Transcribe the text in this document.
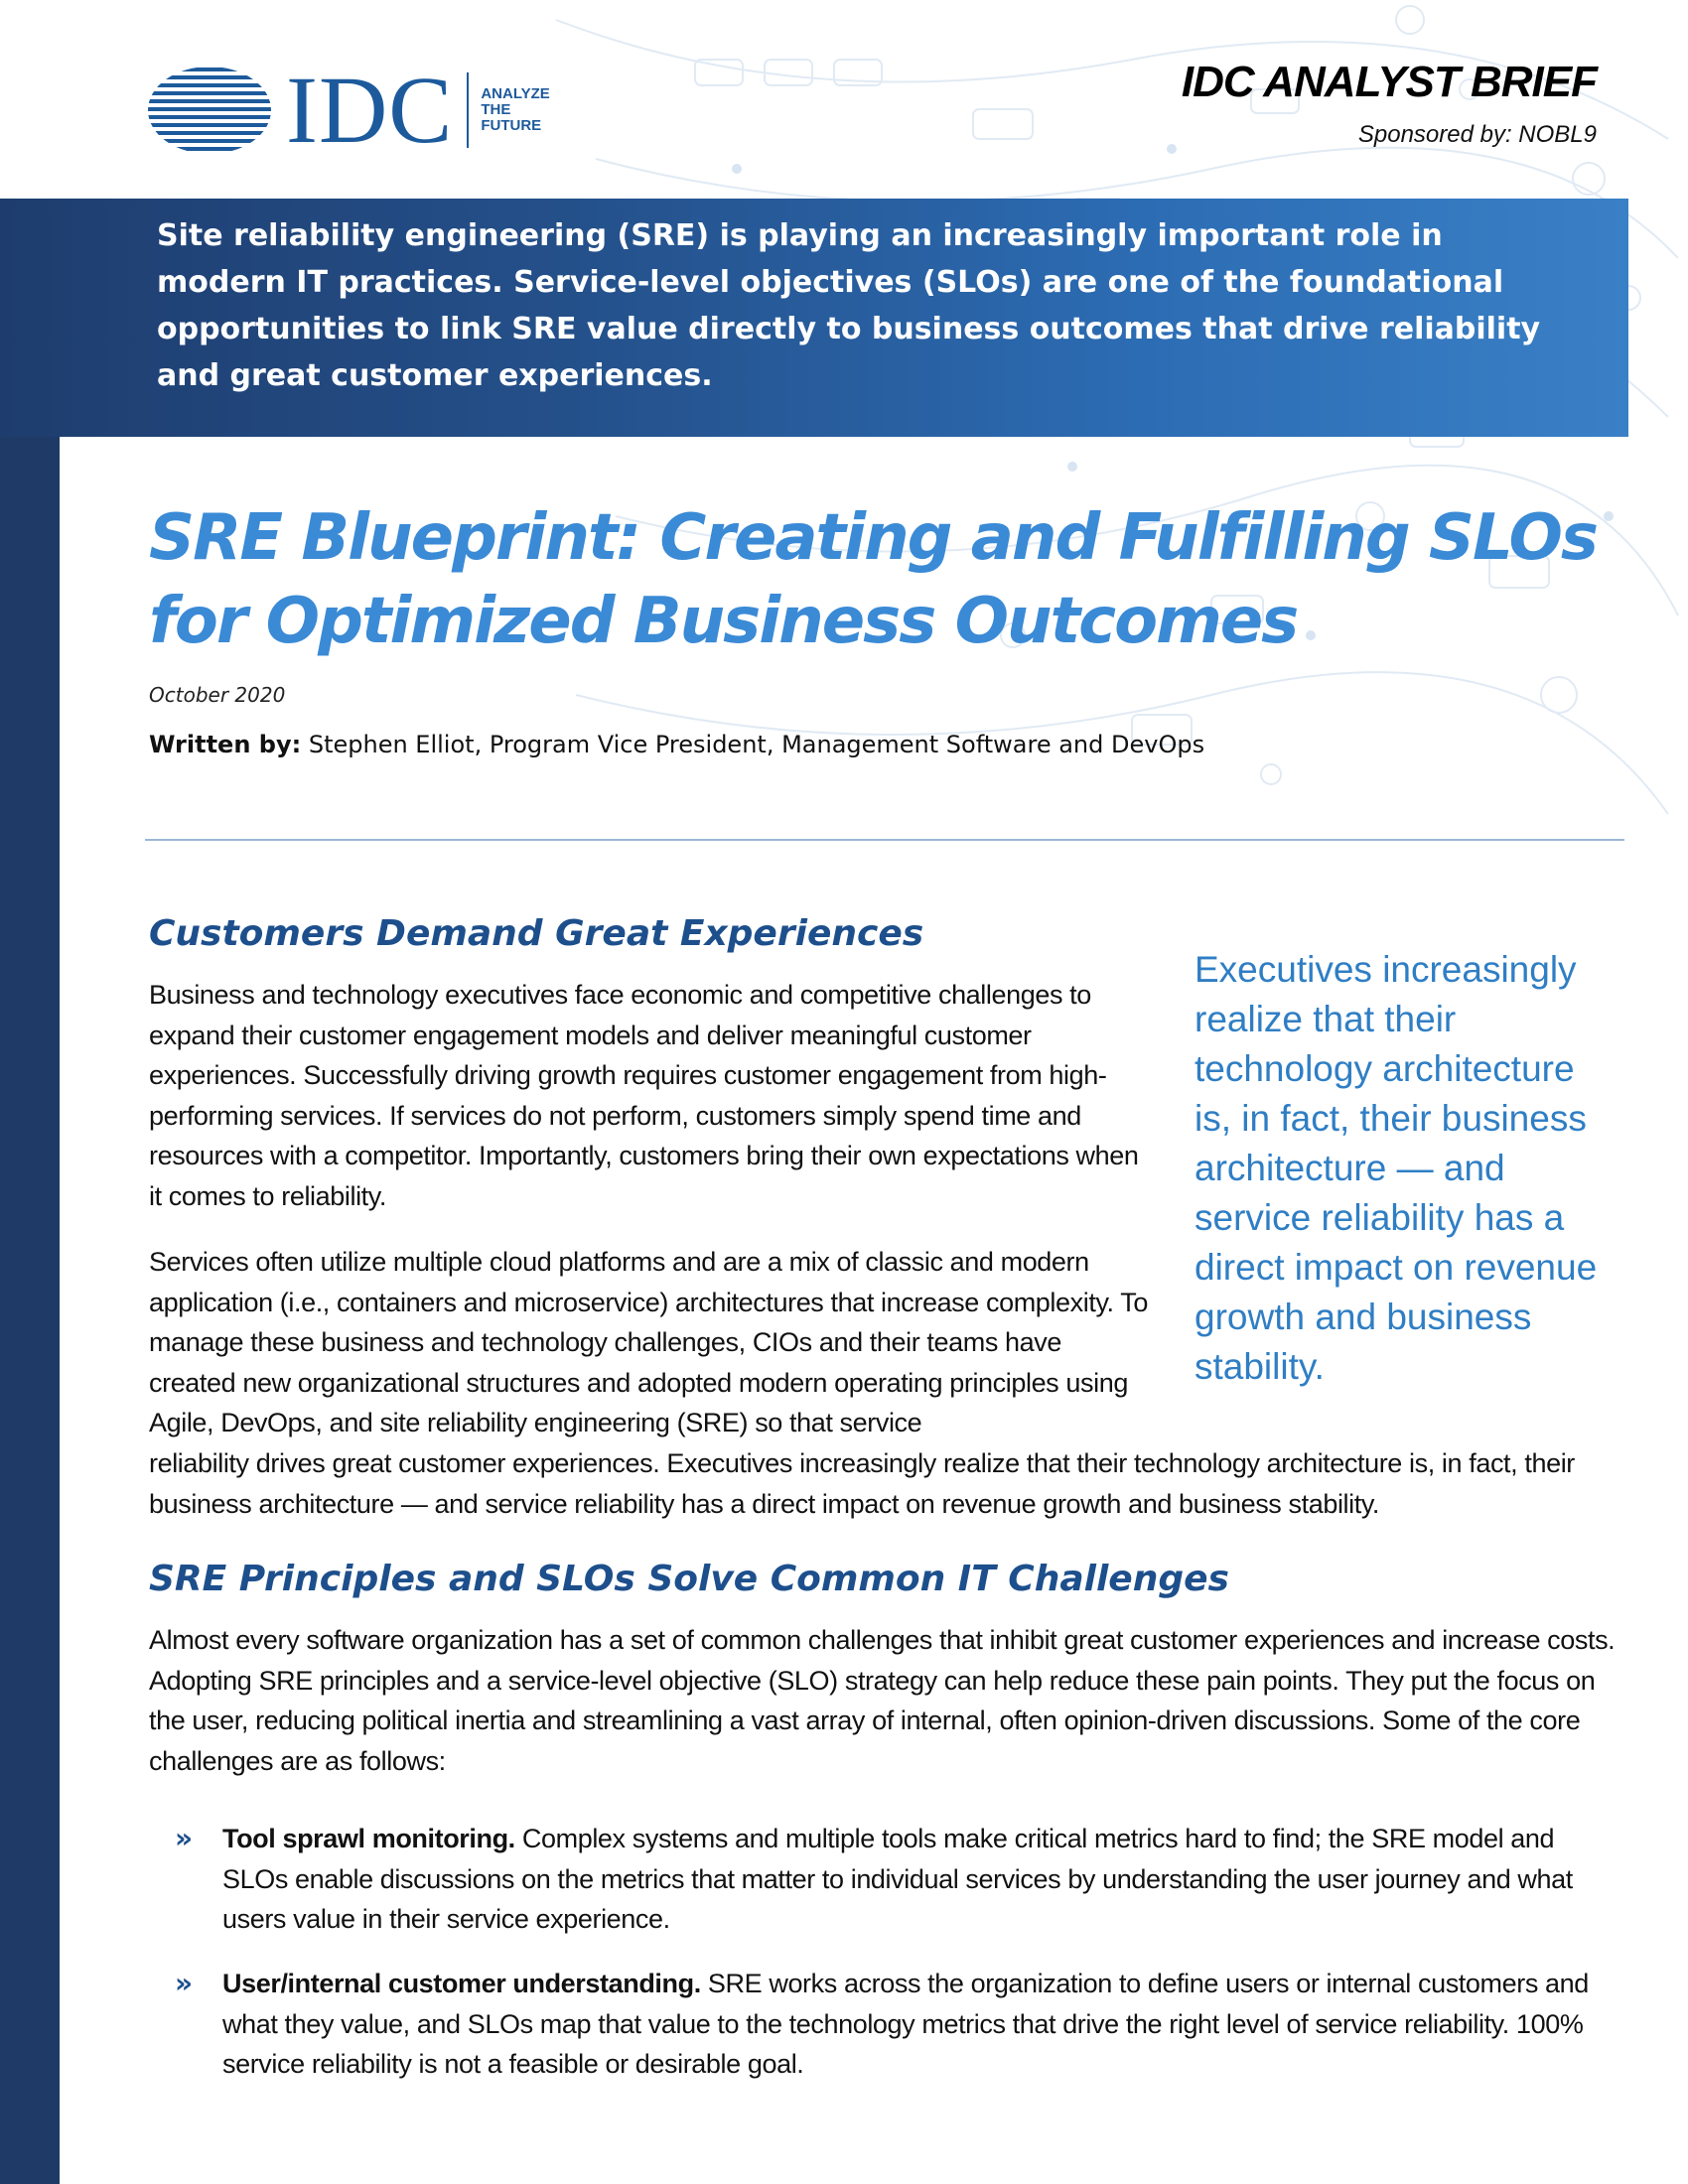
IDC ANALYZE THE FUTURE
IDC ANALYST BRIEF
Sponsored by: NOBL9

Site reliability engineering (SRE) is playing an increasingly important role in modern IT practices. Service-level objectives (SLOs) are one of the foundational opportunities to link SRE value directly to business outcomes that drive reliability and great customer experiences.

SRE Blueprint: Creating and Fulfilling SLOs for Optimized Business Outcomes
October 2020
Written by: Stephen Elliot, Program Vice President, Management Software and DevOps
Customers Demand Great Experiences

Business and technology executives face economic and competitive challenges to expand their customer engagement models and deliver meaningful customer experiences. Successfully driving growth requires customer engagement from high-performing services. If services do not perform, customers simply spend time and resources with a competitor. Importantly, customers bring their own expectations when it comes to reliability.

Services often utilize multiple cloud platforms and are a mix of classic and modern application (i.e., containers and microservice) architectures that increase complexity. To manage these business and technology challenges, CIOs and their teams have created new organizational structures and adopted modern operating principles using Agile, DevOps, and site reliability engineering (SRE) so that service

reliability drives great customer experiences. Executives increasingly realize that their technology architecture is, in fact, their business architecture — and service reliability has a direct impact on revenue growth and business stability.

Executives increasingly realize that their technology architecture is, in fact, their business architecture — and service reliability has a direct impact on revenue growth and business stability.

SRE Principles and SLOs Solve Common IT Challenges

Almost every software organization has a set of common challenges that inhibit great customer experiences and increase costs. Adopting SRE principles and a service-level objective (SLO) strategy can help reduce these pain points. They put the focus on the user, reducing political inertia and streamlining a vast array of internal, often opinion-driven discussions. Some of the core challenges are as follows:

» Tool sprawl monitoring. Complex systems and multiple tools make critical metrics hard to find; the SRE model and SLOs enable discussions on the metrics that matter to individual services by understanding the user journey and what users value in their service experience.

» User/internal customer understanding. SRE works across the organization to define users or internal customers and what they value, and SLOs map that value to the technology metrics that drive the right level of service reliability. 100% service reliability is not a feasible or desirable goal.
